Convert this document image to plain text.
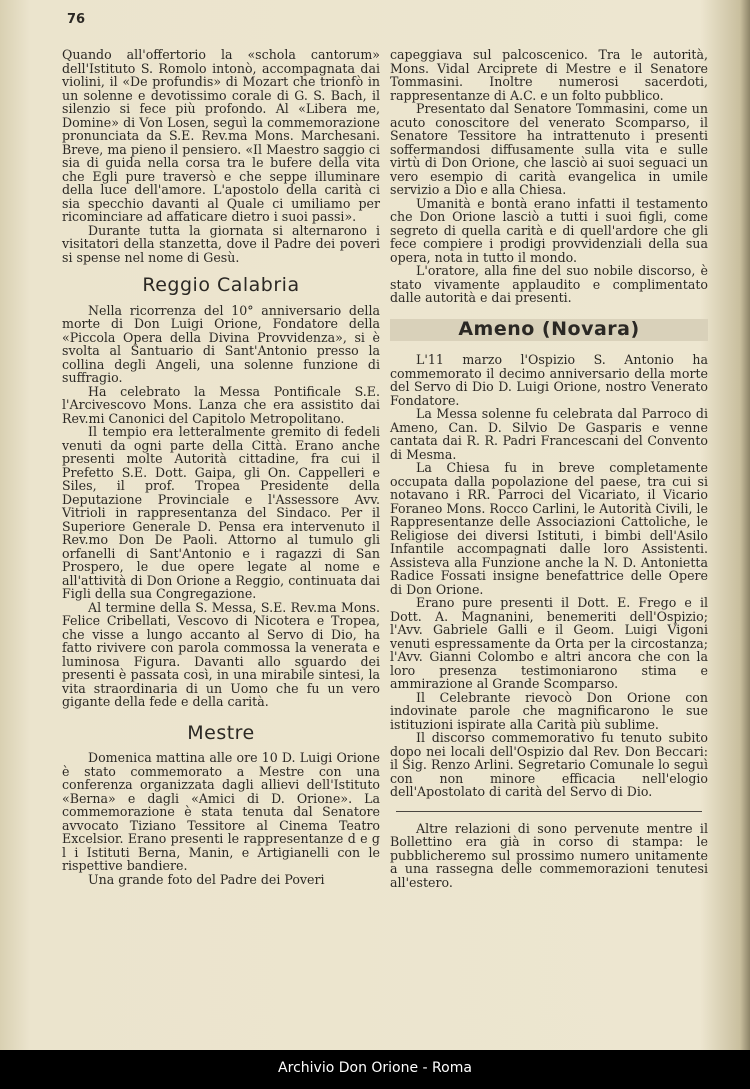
76

Quando all'offertorio la «schola cantorum» dell'Istituto S. Romolo intonò, accompagnata dai violini, il «De profundis» di Mozart che trionfò in un solenne e devotissimo corale di G. S. Bach, il silenzio si fece più profondo. Al «Libera me, Domine» di Von Losen, seguì la commemorazione pronunciata da S.E. Rev.ma Mons. Marchesani. Breve, ma pieno il pensiero. «Il Maestro saggio ci sia di guida nella corsa tra le bufere della vita che Egli pure traversò e che seppe illuminare della luce dell'amore. L'apostolo della carità ci sia specchio davanti al Quale ci umiliamo per ricominciare ad affaticare dietro i suoi passi».

Durante tutta la giornata si alternarono i visitatori della stanzetta, dove il Padre dei poveri si spense nel nome di Gesù.

Reggio Calabria

Nella ricorrenza del 10° anniversario della morte di Don Luigi Orione, Fondatore della «Piccola Opera della Divina Provvidenza», si è svolta al Santuario di Sant'Antonio presso la collina degli Angeli, una solenne funzione di suffragio.

Ha celebrato la Messa Pontificale S.E. l'Arcivescovo Mons. Lanza che era assistito dai Rev.mi Canonici del Capitolo Metropolitano.

Il tempio era letteralmente gremito di fedeli venuti da ogni parte della Città. Erano anche presenti molte Autorità cittadine, fra cui il Prefetto S.E. Dott. Gaipa, gli On. Cappelleri e Siles, il prof. Tropea Presidente della Deputazione Provinciale e l'Assessore Avv. Vitrioli in rappresentanza del Sindaco. Per il Superiore Generale D. Pensa era intervenuto il Rev.mo Don De Paoli. Attorno al tumulo gli orfanelli di Sant'Antonio e i ragazzi di San Prospero, le due opere legate al nome e all'attività di Don Orione a Reggio, continuata dai Figli della sua Congregazione.

Al termine della S. Messa, S.E. Rev.ma Mons. Felice Cribellati, Vescovo di Nicotera e Tropea, che visse a lungo accanto al Servo di Dio, ha fatto rivivere con parola commossa la venerata e luminosa Figura. Davanti allo sguardo dei presenti è passata così, in una mirabile sintesi, la vita straordinaria di un Uomo che fu un vero gigante della fede e della carità.

Mestre

Domenica mattina alle ore 10 D. Luigi Orione è stato commemorato a Mestre con una conferenza organizzata dagli allievi dell'Istituto «Berna» e dagli «Amici di D. Orione». La commemorazione è stata tenuta dal Senatore avvocato Tiziano Tessitore al Cinema Teatro Excelsior. Erano presenti le rappresentanze d e g l i Istituti Berna, Manin, e Artigianelli con le rispettive bandiere.

Una grande foto del Padre dei Poveri

capeggiava sul palcoscenico. Tra le autorità, Mons. Vidal Arciprete di Mestre e il Senatore Tommasini. Inoltre numerosi sacerdoti, rappresentanze di A.C. e un folto pubblico.

Presentato dal Senatore Tommasini, come un acuto conoscitore del venerato Scomparso, il Senatore Tessitore ha intrattenuto i presenti soffermandosi diffusamente sulla vita e sulle virtù di Don Orione, che lasciò ai suoi seguaci un vero esempio di carità evangelica in umile servizio a Dio e alla Chiesa.

Umanità e bontà erano infatti il testamento che Don Orione lasciò a tutti i suoi figli, come segreto di quella carità e di quell'ardore che gli fece compiere i prodigi provvidenziali della sua opera, nota in tutto il mondo.

L'oratore, alla fine del suo nobile discorso, è stato vivamente applaudito e complimentato dalle autorità e dai presenti.

Ameno (Novara)

L'11 marzo l'Ospizio S. Antonio ha commemorato il decimo anniversario della morte del Servo di Dio D. Luigi Orione, nostro Venerato Fondatore.

La Messa solenne fu celebrata dal Parroco di Ameno, Can. D. Silvio De Gasparis e venne cantata dai R. R. Padri Francescani del Convento di Mesma.

La Chiesa fu in breve completamente occupata dalla popolazione del paese, tra cui si notavano i RR. Parroci del Vicariato, il Vicario Foraneo Mons. Rocco Carlini, le Autorità Civili, le Rappresentanze delle Associazioni Cattoliche, le Religiose dei diversi Istituti, i bimbi dell'Asilo Infantile accompagnati dalle loro Assistenti. Assisteva alla Funzione anche la N. D. Antonietta Radice Fossati insigne benefattrice delle Opere di Don Orione.

Erano pure presenti il Dott. E. Frego e il Dott. A. Magnanini, benemeriti dell'Ospizio; l'Avv. Gabriele Galli e il Geom. Luigi Vigoni venuti espressamente da Orta per la circostanza; l'Avv. Gianni Colombo e altri ancora che con la loro presenza testimoniarono stima e ammirazione al Grande Scomparso.

Il Celebrante rievocò Don Orione con indovinate parole che magnificarono le sue istituzioni ispirate alla Carità più sublime.

Il discorso commemorativo fu tenuto subito dopo nei locali dell'Ospizio dal Rev. Don Beccari: il Sig. Renzo Arlini. Segretario Comunale lo seguì con non minore efficacia nell'elogio dell'Apostolato di carità del Servo di Dio.

Altre relazioni di sono pervenute mentre il Bollettino era già in corso di stampa: le pubblicheremo sul prossimo numero unitamente a una rassegna delle commemorazioni tenutesi all'estero.

Archivio Don Orione - Roma
